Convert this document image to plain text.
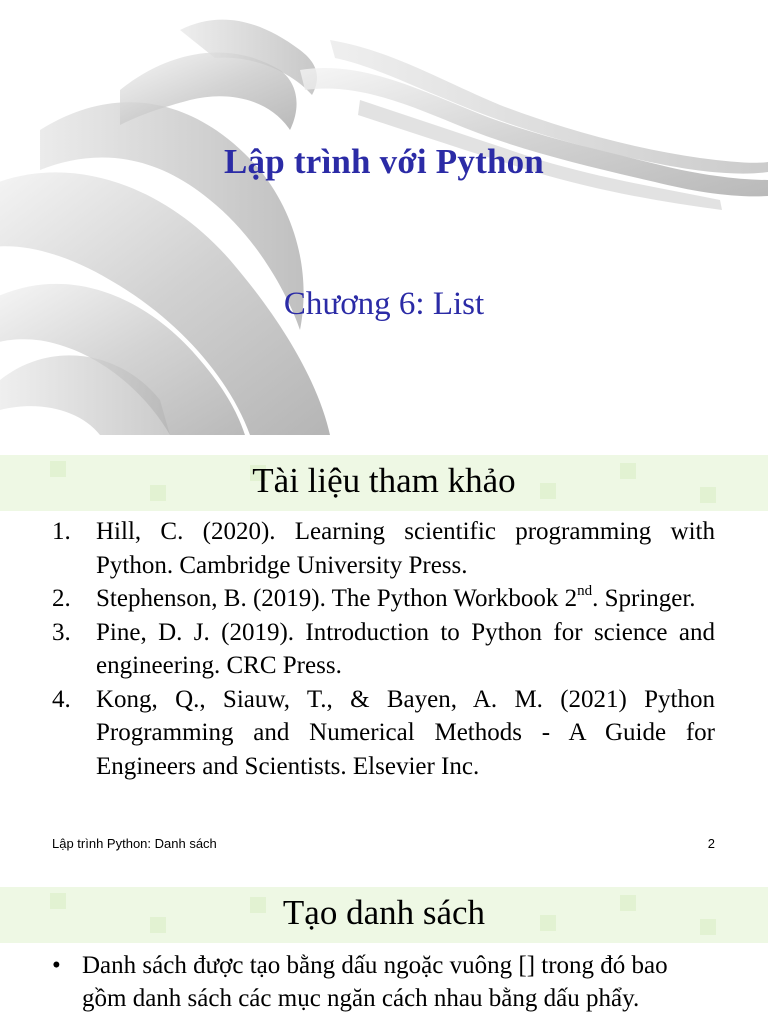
Lập trình với Python
Chương 6: List
Tài liệu tham khảo
1. Hill, C. (2020). Learning scientific programming with Python. Cambridge University Press.
2. Stephenson, B. (2019). The Python Workbook 2nd. Springer.
3. Pine, D. J. (2019). Introduction to Python for science and engineering. CRC Press.
4. Kong, Q., Siauw, T., & Bayen, A. M. (2021) Python Programming and Numerical Methods - A Guide for Engineers and Scientists. Elsevier Inc.
Lập trình Python: Danh sách	2
Tạo danh sách
• Danh sách được tạo bằng dấu ngoặc vuông [] trong đó bao gồm danh sách các mục ngăn cách nhau bằng dấu phẩy.
